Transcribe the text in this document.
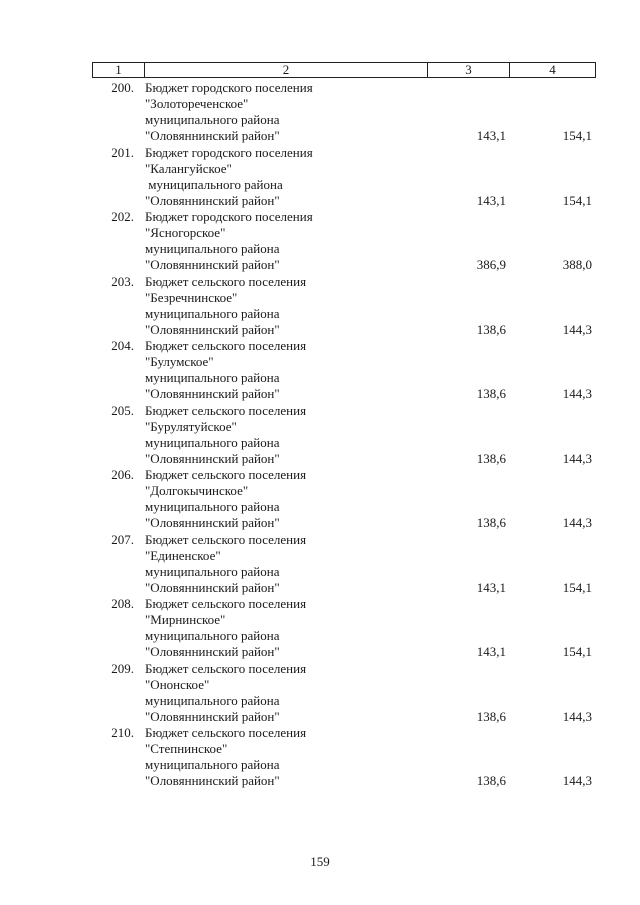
1	2	3	4
200. Бюджет городского поселения
"Золотореченское"
муниципального района
"Оловяннинский район"	143,1	154,1
201. Бюджет городского поселения
"Калангуйское"
муниципального района
"Оловяннинский район"	143,1	154,1
202. Бюджет городского поселения
"Ясногорское"
муниципального района
"Оловяннинский район"	386,9	388,0
203. Бюджет сельского поселения
"Безречнинское"
муниципального района
"Оловяннинский район"	138,6	144,3
204. Бюджет сельского поселения
"Булумское"
муниципального района
"Оловяннинский район"	138,6	144,3
205. Бюджет сельского поселения
"Бурулятуйское"
муниципального района
"Оловяннинский район"	138,6	144,3
206. Бюджет сельского поселения
"Долгокычинское"
муниципального района
"Оловяннинский район"	138,6	144,3
207. Бюджет сельского поселения
"Единенское"
муниципального района
"Оловяннинский район"	143,1	154,1
208. Бюджет сельского поселения
"Мирнинское"
муниципального района
"Оловяннинский район"	143,1	154,1
209. Бюджет сельского поселения
"Ононское"
муниципального района
"Оловяннинский район"	138,6	144,3
210. Бюджет сельского поселения
"Степнинское"
муниципального района
"Оловяннинский район"	138,6	144,3
159
